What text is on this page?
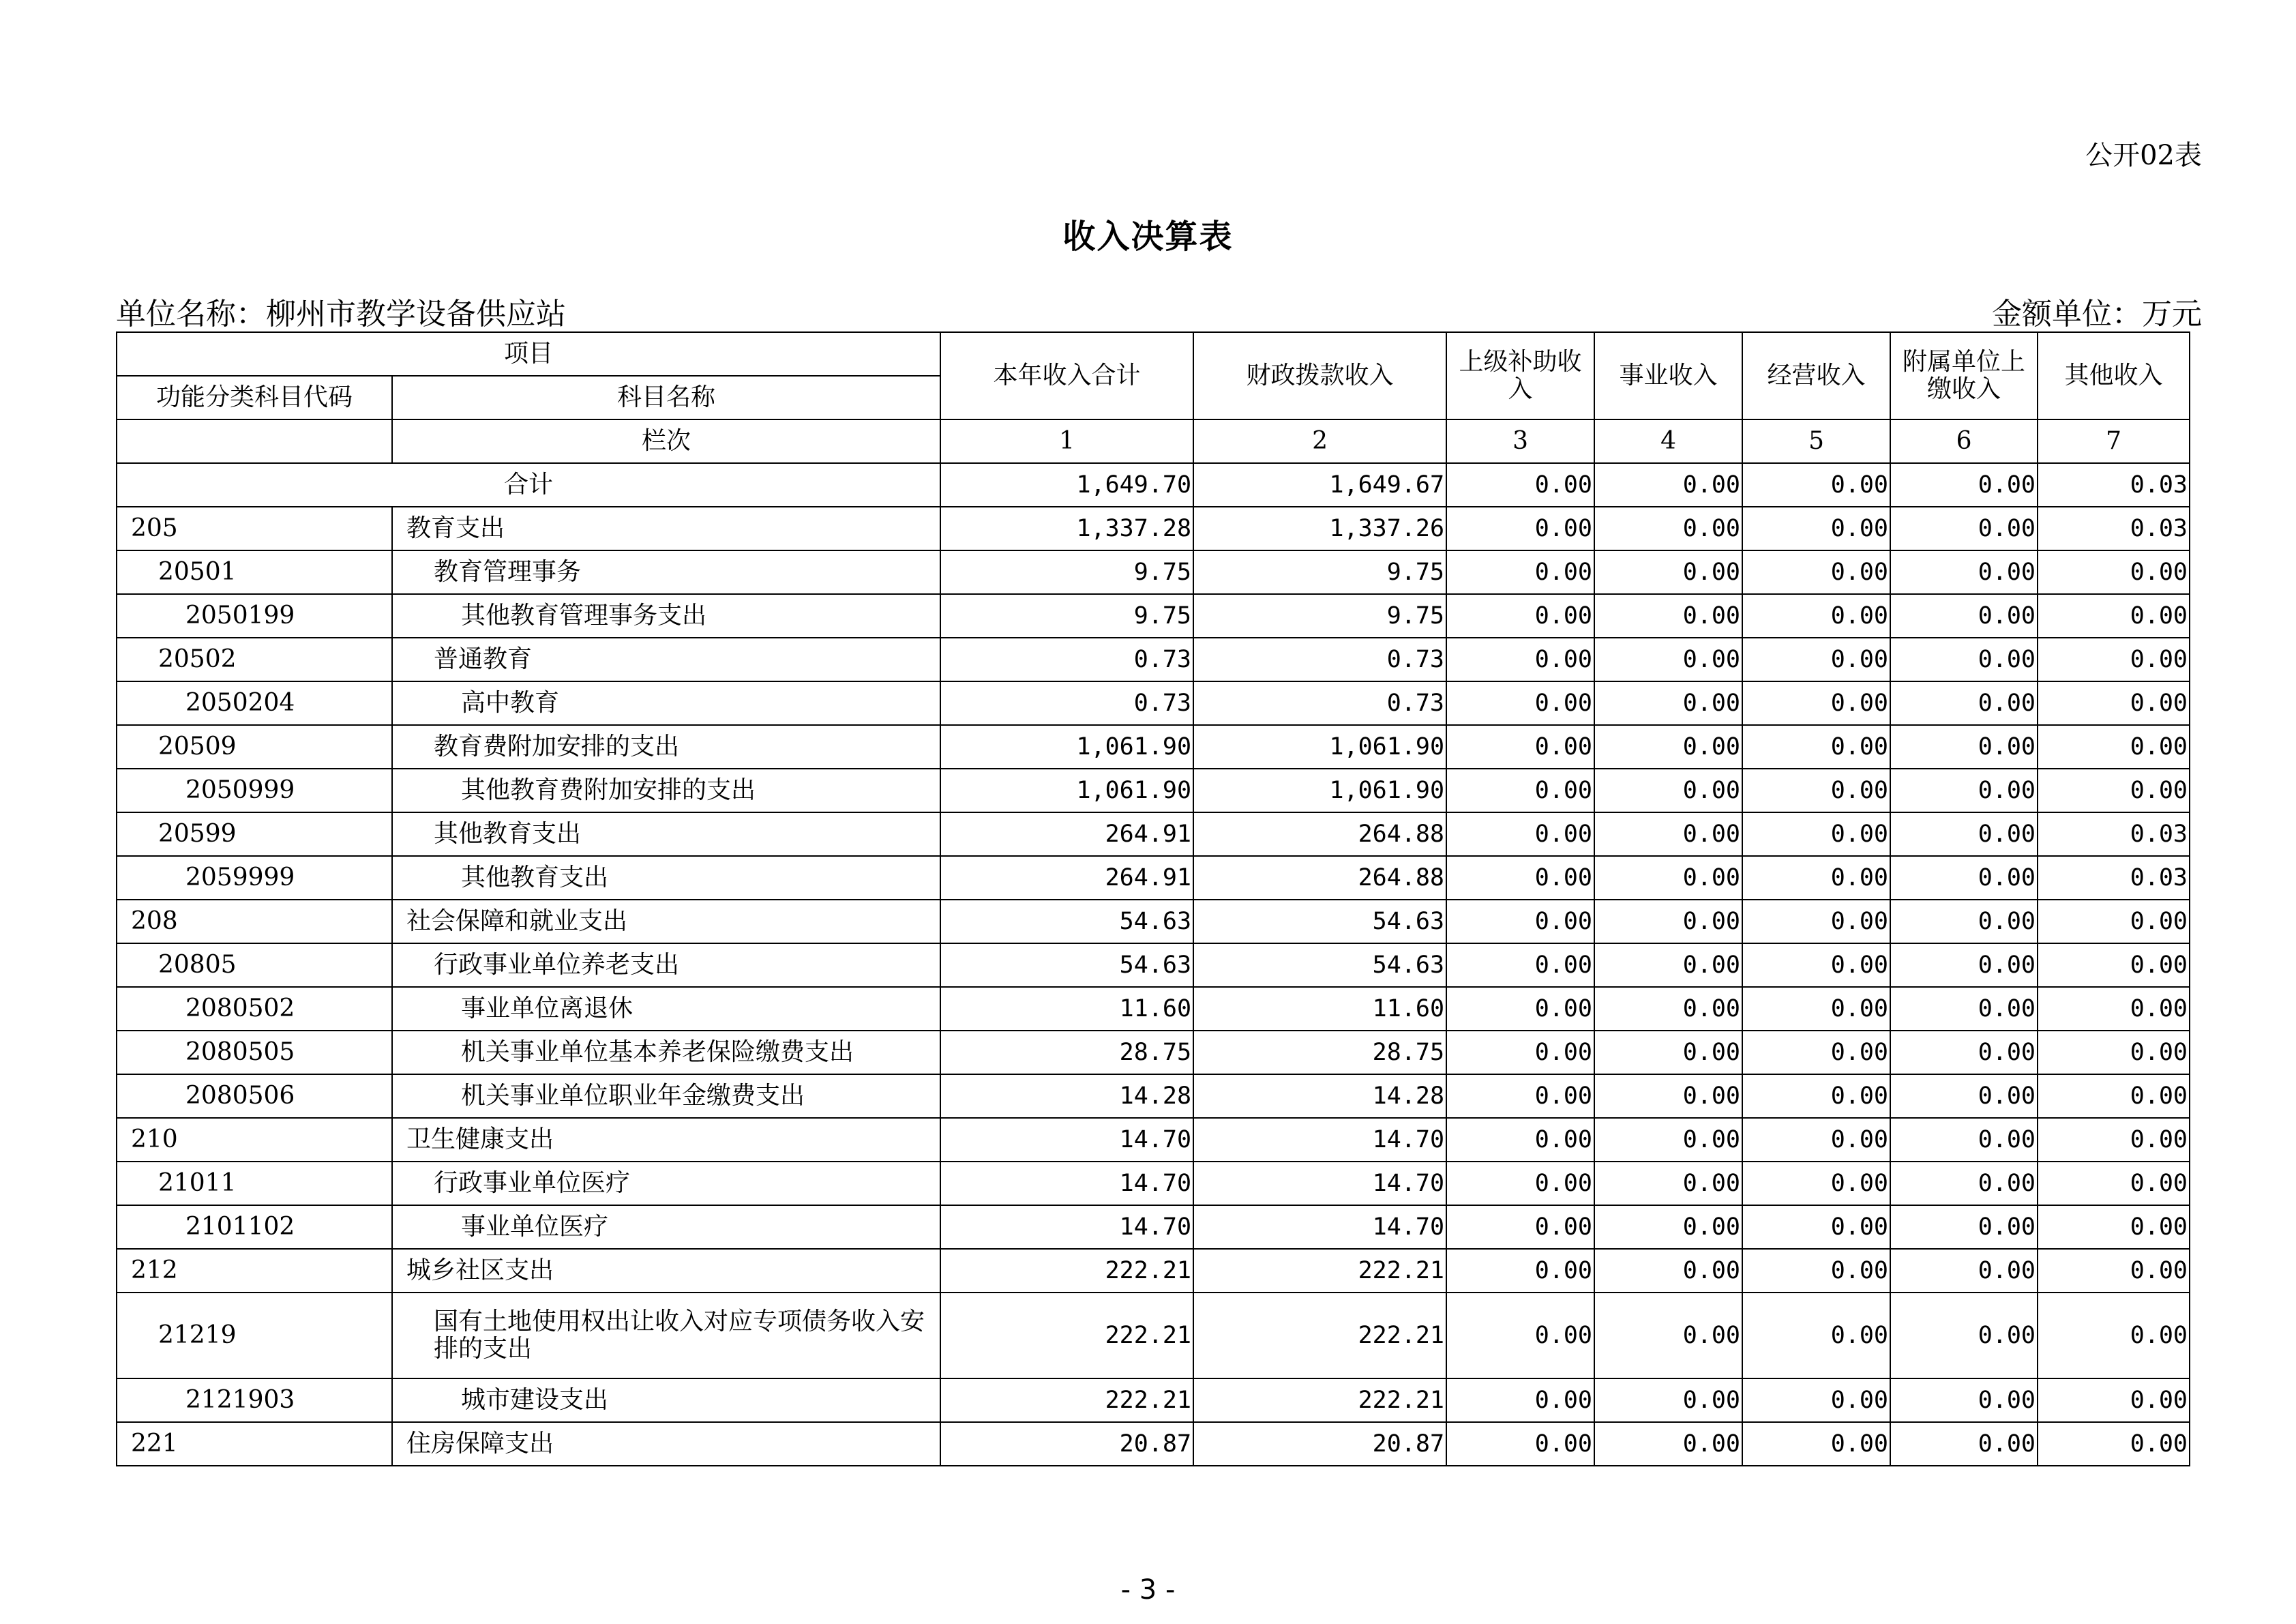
公开02表
收入决算表
单位名称：柳州市教学设备供应站	金额单位：万元
项目		本年收入合计	财政拨款收入	上级补助收入	事业收入	经营收入	附属单位上缴收入	其他收入
功能分类科目代码	科目名称							
	栏次	1	2	3	4	5	6	7
合计		1,649.70	1,649.67	0.00	0.00	0.00	0.00	0.03
205	教育支出	1,337.28	1,337.26	0.00	0.00	0.00	0.00	0.03
20501	教育管理事务	9.75	9.75	0.00	0.00	0.00	0.00	0.00
2050199	其他教育管理事务支出	9.75	9.75	0.00	0.00	0.00	0.00	0.00
20502	普通教育	0.73	0.73	0.00	0.00	0.00	0.00	0.00
2050204	高中教育	0.73	0.73	0.00	0.00	0.00	0.00	0.00
20509	教育费附加安排的支出	1,061.90	1,061.90	0.00	0.00	0.00	0.00	0.00
2050999	其他教育费附加安排的支出	1,061.90	1,061.90	0.00	0.00	0.00	0.00	0.00
20599	其他教育支出	264.91	264.88	0.00	0.00	0.00	0.00	0.03
2059999	其他教育支出	264.91	264.88	0.00	0.00	0.00	0.00	0.03
208	社会保障和就业支出	54.63	54.63	0.00	0.00	0.00	0.00	0.00
20805	行政事业单位养老支出	54.63	54.63	0.00	0.00	0.00	0.00	0.00
2080502	事业单位离退休	11.60	11.60	0.00	0.00	0.00	0.00	0.00
2080505	机关事业单位基本养老保险缴费支出	28.75	28.75	0.00	0.00	0.00	0.00	0.00
2080506	机关事业单位职业年金缴费支出	14.28	14.28	0.00	0.00	0.00	0.00	0.00
210	卫生健康支出	14.70	14.70	0.00	0.00	0.00	0.00	0.00
21011	行政事业单位医疗	14.70	14.70	0.00	0.00	0.00	0.00	0.00
2101102	事业单位医疗	14.70	14.70	0.00	0.00	0.00	0.00	0.00
212	城乡社区支出	222.21	222.21	0.00	0.00	0.00	0.00	0.00
21219	国有土地使用权出让收入对应专项债务收入安排的支出	222.21	222.21	0.00	0.00	0.00	0.00	0.00
2121903	城市建设支出	222.21	222.21	0.00	0.00	0.00	0.00	0.00
221	住房保障支出	20.87	20.87	0.00	0.00	0.00	0.00	0.00
- 3 -
